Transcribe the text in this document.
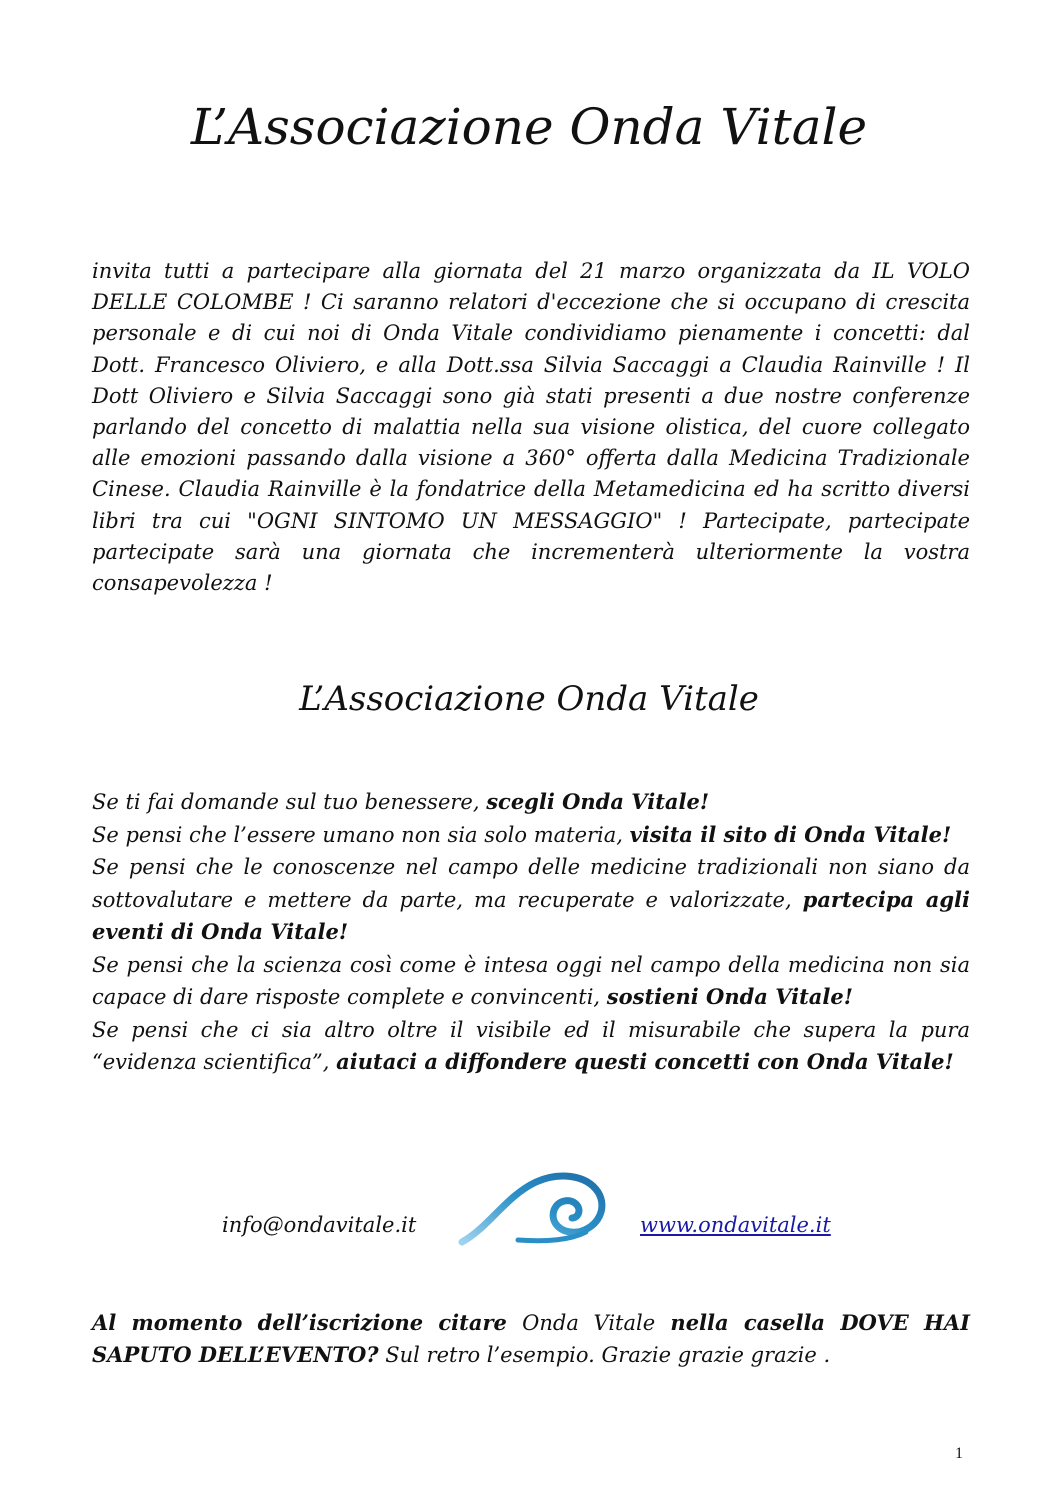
L’Associazione Onda Vitale

invita tutti a partecipare alla giornata del 21 marzo organizzata da IL VOLO DELLE COLOMBE ! Ci saranno relatori d'eccezione che si occupano di crescita personale e di cui noi di Onda Vitale condividiamo pienamente i concetti: dal Dott. Francesco Oliviero, e alla Dott.ssa Silvia Saccaggi a Claudia Rainville ! Il Dott Oliviero e Silvia Saccaggi sono già stati presenti a due nostre conferenze parlando del concetto di malattia nella sua visione olistica, del cuore collegato alle emozioni passando dalla visione a 360° offerta dalla Medicina Tradizionale Cinese. Claudia Rainville è la fondatrice della Metamedicina ed ha scritto diversi libri tra cui "OGNI SINTOMO UN MESSAGGIO" ! Partecipate, partecipate partecipate sarà una giornata che incrementerà ulteriormente la vostra consapevolezza !

L’Associazione Onda Vitale

Se ti fai domande sul tuo benessere, scegli Onda Vitale!

Se pensi che l’essere umano non sia solo materia, visita il sito di Onda Vitale!

Se pensi che le conoscenze nel campo delle medicine tradizionali non siano da sottovalutare e mettere da parte, ma recuperate e valorizzate, partecipa agli eventi di Onda Vitale!

Se pensi che la scienza così come è intesa oggi nel campo della medicina non sia capace di dare risposte complete e convincenti, sostieni Onda Vitale!

Se pensi che ci sia altro oltre il visibile ed il misurabile che supera la pura “evidenza scientifica”, aiutaci a diffondere questi concetti con Onda Vitale!

info@ondavitale.it	www.ondavitale.it

Al momento dell’iscrizione citare Onda Vitale nella casella DOVE HAI SAPUTO DELL’EVENTO? Sul retro l’esempio. Grazie grazie grazie .

1
